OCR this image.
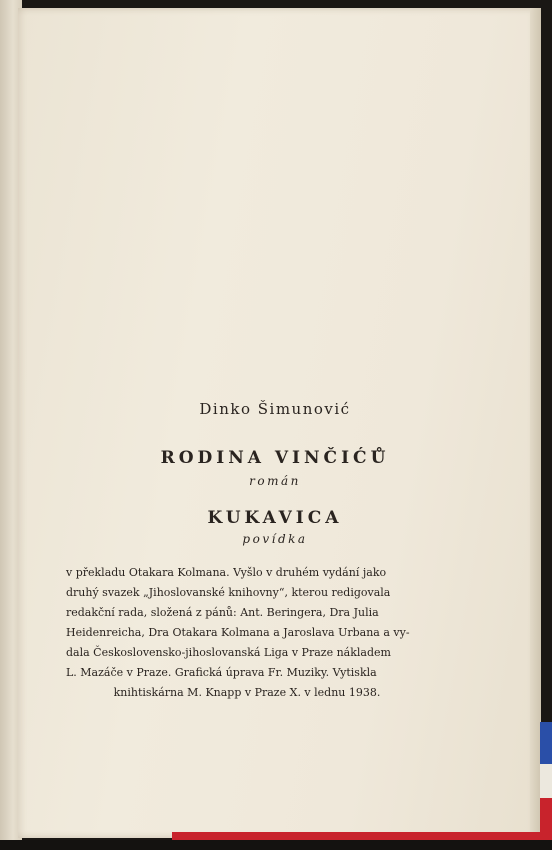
Dinko Šimunović
RODINA VINČIĆŮ
román
KUKAVICA
povídka
v překladu Otakara Kolmana. Vyšlo v druhém vydání jako
druhý svazek „Jihoslovanské knihovny“, kterou redigovala
redakční rada, složená z pánů: Ant. Beringera, Dra Julia
Heidenreicha, Dra Otakara Kolmana a Jaroslava Urbana a vy-
dala Československo-jihoslovanská Liga v Praze nákladem
L. Mazáče v Praze. Grafická úprava Fr. Muziky. Vytiskla
knihtiskárna M. Knapp v Praze X. v lednu 1938.
